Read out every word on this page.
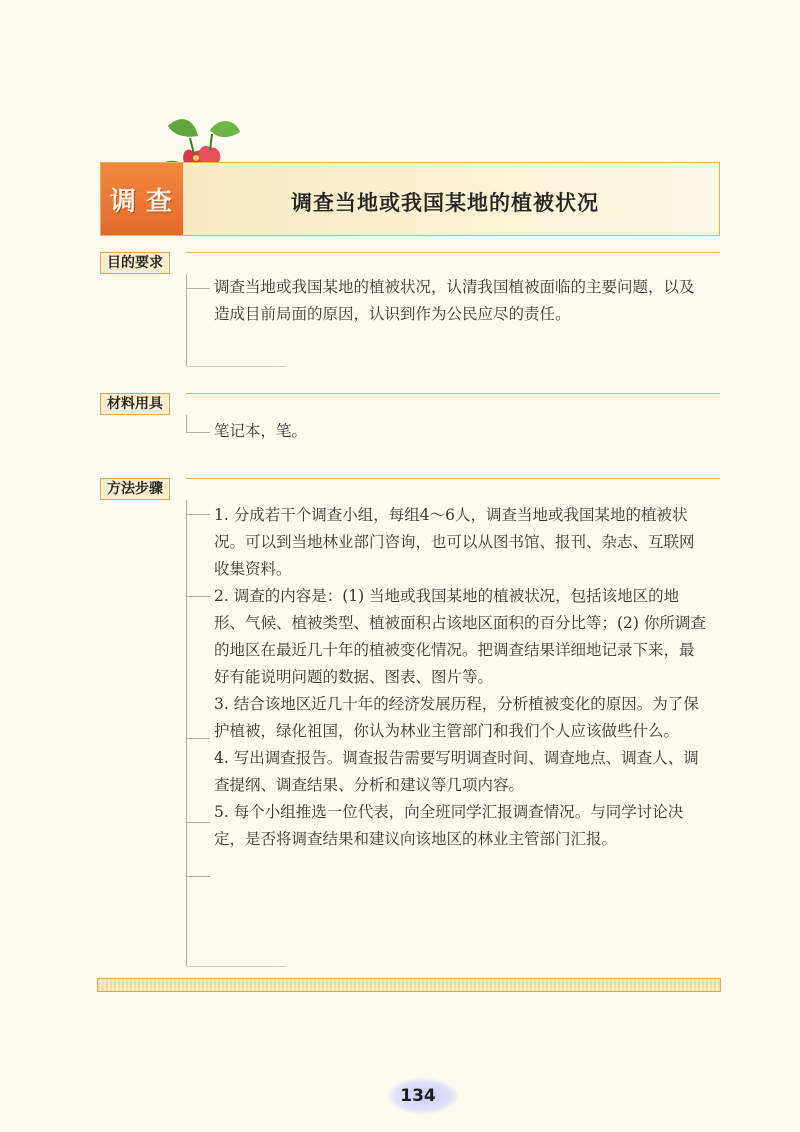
调查	调查当地或我国某地的植被状况
目的要求
调查当地或我国某地的植被状况，认清我国植被面临的主要问题，以及造成目前局面的原因，认识到作为公民应尽的责任。
材料用具
笔记本，笔。
方法步骤

1. 分成若干个调查小组，每组4～6人，调查当地或我国某地的植被状况。可以到当地林业部门咨询，也可以从图书馆、报刊、杂志、互联网收集资料。

2. 调查的内容是：(1) 当地或我国某地的植被状况，包括该地区的地形、气候、植被类型、植被面积占该地区面积的百分比等；(2) 你所调查的地区在最近几十年的植被变化情况。把调查结果详细地记录下来，最好有能说明问题的数据、图表、图片等。

3. 结合该地区近几十年的经济发展历程，分析植被变化的原因。为了保护植被，绿化祖国，你认为林业主管部门和我们个人应该做些什么。

4. 写出调查报告。调查报告需要写明调查时间、调查地点、调查人、调查提纲、调查结果、分析和建议等几项内容。

5. 每个小组推选一位代表，向全班同学汇报调查情况。与同学讨论决定，是否将调查结果和建议向该地区的林业主管部门汇报。

134
